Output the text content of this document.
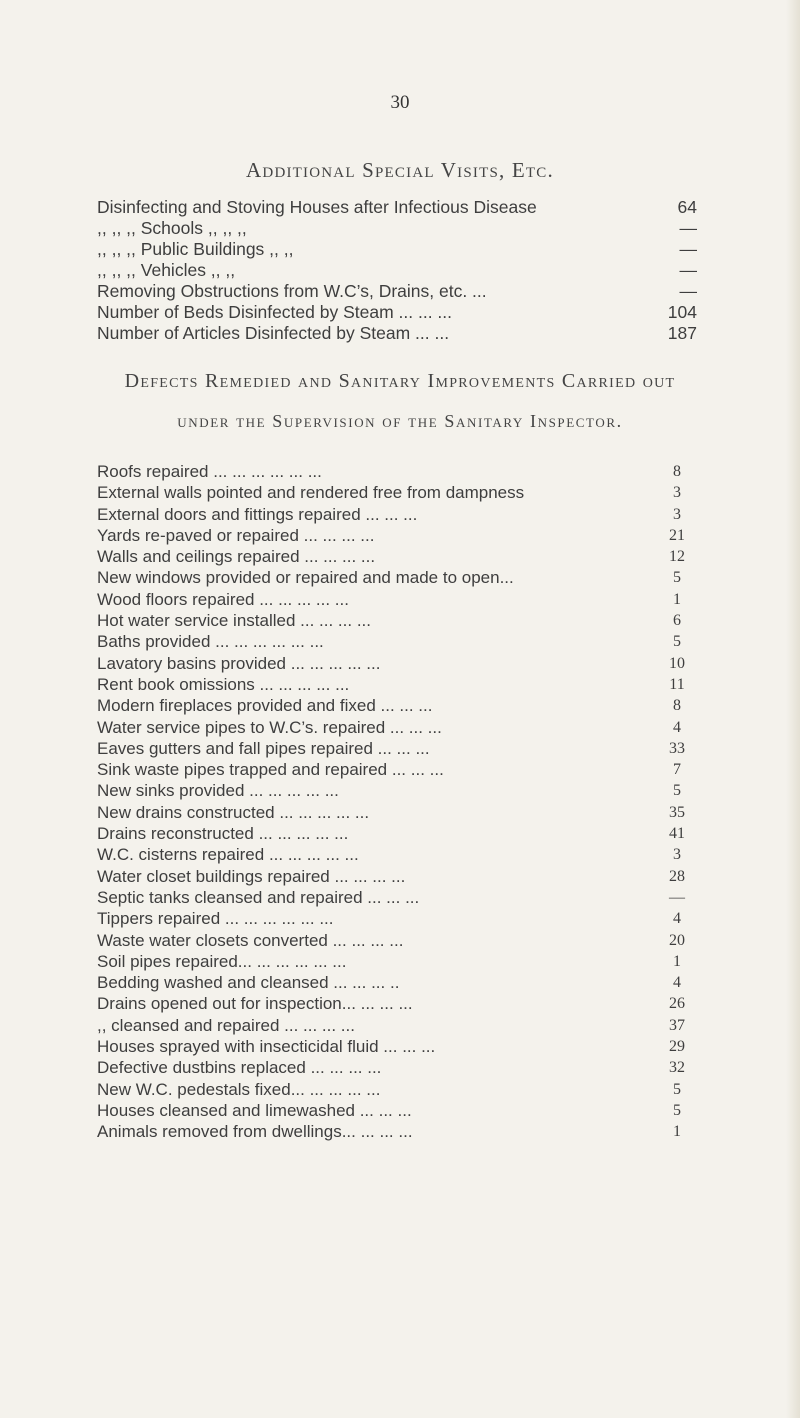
30
Additional Special Visits, Etc.
Disinfecting and Stoving Houses after Infectious Disease	64
,, ,, ,, Schools ,, ,, ,,	—
,, ,, ,, Public Buildings ,, ,,	—
,, ,, ,, Vehicles ,, ,,	—
Removing Obstructions from W.C’s, Drains, etc. ...	—
Number of Beds Disinfected by Steam ... ... ...	104
Number of Articles Disinfected by Steam ... ...	187
Defects Remedied and Sanitary Improvements Carried out
under the Supervision of the Sanitary Inspector.
Roofs repaired ... ... ... ... ... ...	8
External walls pointed and rendered free from dampness	3
External doors and fittings repaired ... ... ...	3
Yards re-paved or repaired ... ... ... ...	21
Walls and ceilings repaired ... ... ... ...	12
New windows provided or repaired and made to open...	5
Wood floors repaired ... ... ... ... ...	1
Hot water service installed ... ... ... ...	6
Baths provided ... ... ... ... ... ...	5
Lavatory basins provided ... ... ... ... ...	10
Rent book omissions ... ... ... ... ...	11
Modern fireplaces provided and fixed ... ... ...	8
Water service pipes to W.C’s. repaired ... ... ...	4
Eaves gutters and fall pipes repaired ... ... ...	33
Sink waste pipes trapped and repaired ... ... ...	7
New sinks provided ... ... ... ... ...	5
New drains constructed ... ... ... ... ...	35
Drains reconstructed ... ... ... ... ...	41
W.C. cisterns repaired ... ... ... ... ...	3
Water closet buildings repaired ... ... ... ...	28
Septic tanks cleansed and repaired ... ... ...	—
Tippers repaired ... ... ... ... ... ...	4
Waste water closets converted ... ... ... ...	20
Soil pipes repaired... ... ... ... ... ...	1
Bedding washed and cleansed ... ... ... ..	4
Drains opened out for inspection... ... ... ...	26
,, cleansed and repaired ... ... ... ...	37
Houses sprayed with insecticidal fluid ... ... ...	29
Defective dustbins replaced ... ... ... ...	32
New W.C. pedestals fixed... ... ... ... ...	5
Houses cleansed and limewashed ... ... ...	5
Animals removed from dwellings... ... ... ...	1
